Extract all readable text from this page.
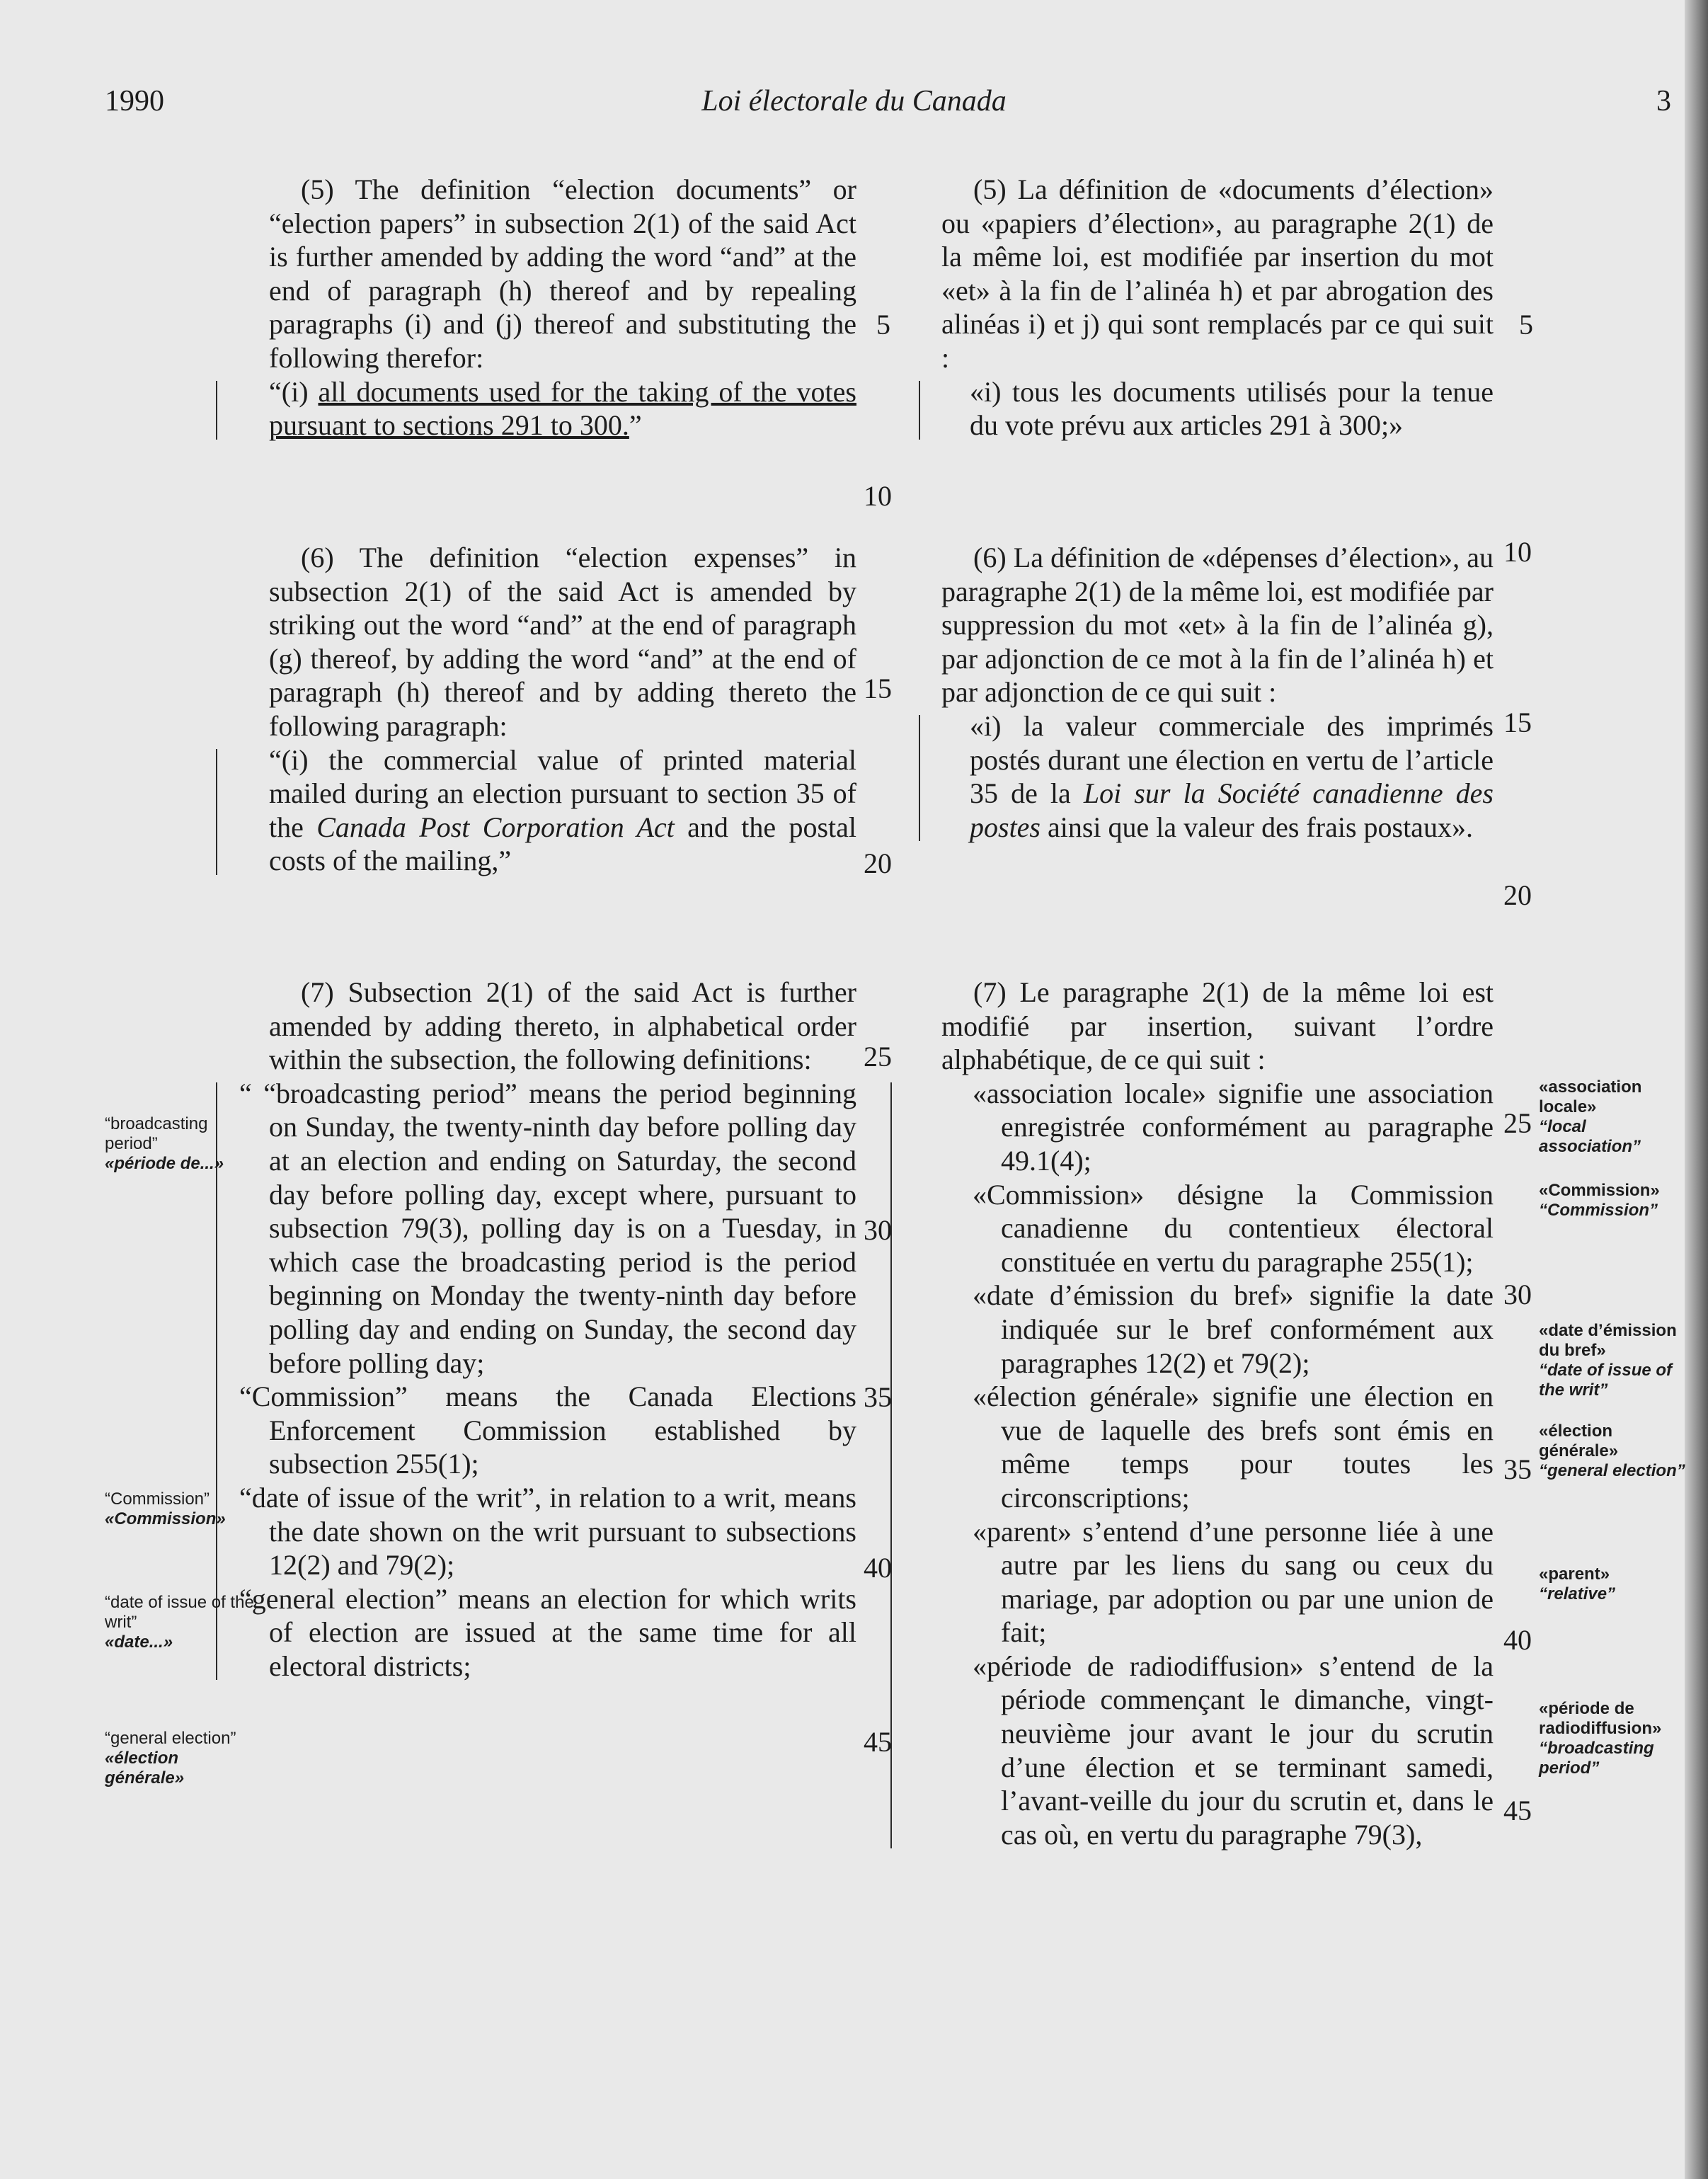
1990	Loi électorale du Canada	3

(5) The definition “election documents” or “election papers” in subsection 2(1) of the said Act is further amended by adding the word “and” at the end of paragraph (h) thereof and by repealing paragraphs (i) and (j) thereof and substituting the following therefor:

“(i) all documents used for the taking of the votes pursuant to sections 291 to 300.”

(6) The definition “election expenses” in subsection 2(1) of the said Act is amended by striking out the word “and” at the end of paragraph (g) thereof, by adding the word “and” at the end of paragraph (h) thereof and by adding thereto the following paragraph:

“(i) the commercial value of printed material mailed during an election pursuant to section 35 of the Canada Post Corporation Act and the postal costs of the mailing,”

(7) Subsection 2(1) of the said Act is further amended by adding thereto, in alphabetical order within the subsection, the following definitions:

“ “broadcasting period” means the period beginning on Sunday, the twenty-ninth day before polling day at an election and ending on Saturday, the second day before polling day, except where, pursuant to subsection 79(3), polling day is on a Tuesday, in which case the broadcasting period is the period beginning on Monday the twenty-ninth day before polling day and ending on Sunday, the second day before polling day;

“Commission” means the Canada Elections Enforcement Commission established by subsection 255(1);

“date of issue of the writ”, in relation to a writ, means the date shown on the writ pursuant to subsections 12(2) and 79(2);

“general election” means an election for which writs of election are issued at the same time for all electoral districts;

5
10
15
20
25
30
35
40
45
“broadcasting period”
«période de...»
“Commission”
«Commission»
“date of issue of the writ”
«date...»
“general election”
«élection générale»

(5) La définition de «documents d’élection» ou «papiers d’élection», au paragraphe 2(1) de la même loi, est modifiée par insertion du mot «et» à la fin de l’alinéa h) et par abrogation des alinéas i) et j) qui sont remplacés par ce qui suit :

«i) tous les documents utilisés pour la tenue du vote prévu aux articles 291 à 300;»

(6) La définition de «dépenses d’élection», au paragraphe 2(1) de la même loi, est modifiée par suppression du mot «et» à la fin de l’alinéa g), par adjonction de ce mot à la fin de l’alinéa h) et par adjonction de ce qui suit :

«i) la valeur commerciale des imprimés postés durant une élection en vertu de l’article 35 de la Loi sur la Société canadienne des postes ainsi que la valeur des frais postaux».

(7) Le paragraphe 2(1) de la même loi est modifié par insertion, suivant l’ordre alphabétique, de ce qui suit :

«association locale» signifie une association enregistrée conformément au paragraphe 49.1(4);

«Commission» désigne la Commission canadienne du contentieux électoral constituée en vertu du paragraphe 255(1);

«date d’émission du bref» signifie la date indiquée sur le bref conformément aux paragraphes 12(2) et 79(2);

«élection générale» signifie une élection en vue de laquelle des brefs sont émis en même temps pour toutes les circonscriptions;

«parent» s’entend d’une personne liée à une autre par les liens du sang ou ceux du mariage, par adoption ou par une union de fait;

«période de radiodiffusion» s’entend de la période commençant le dimanche, vingt-neuvième jour avant le jour du scrutin d’une élection et se terminant samedi, l’avant-veille du jour du scrutin et, dans le cas où, en vertu du paragraphe 79(3),

5
10
15
20
25
30
35
40
45
«association locale»
“local association”
«Commission»
“Commission”
«date d’émission du bref»
“date of issue of the writ”
«élection générale»
“general election”
«parent»
“relative”
«période de radiodiffusion»
“broadcasting period”
